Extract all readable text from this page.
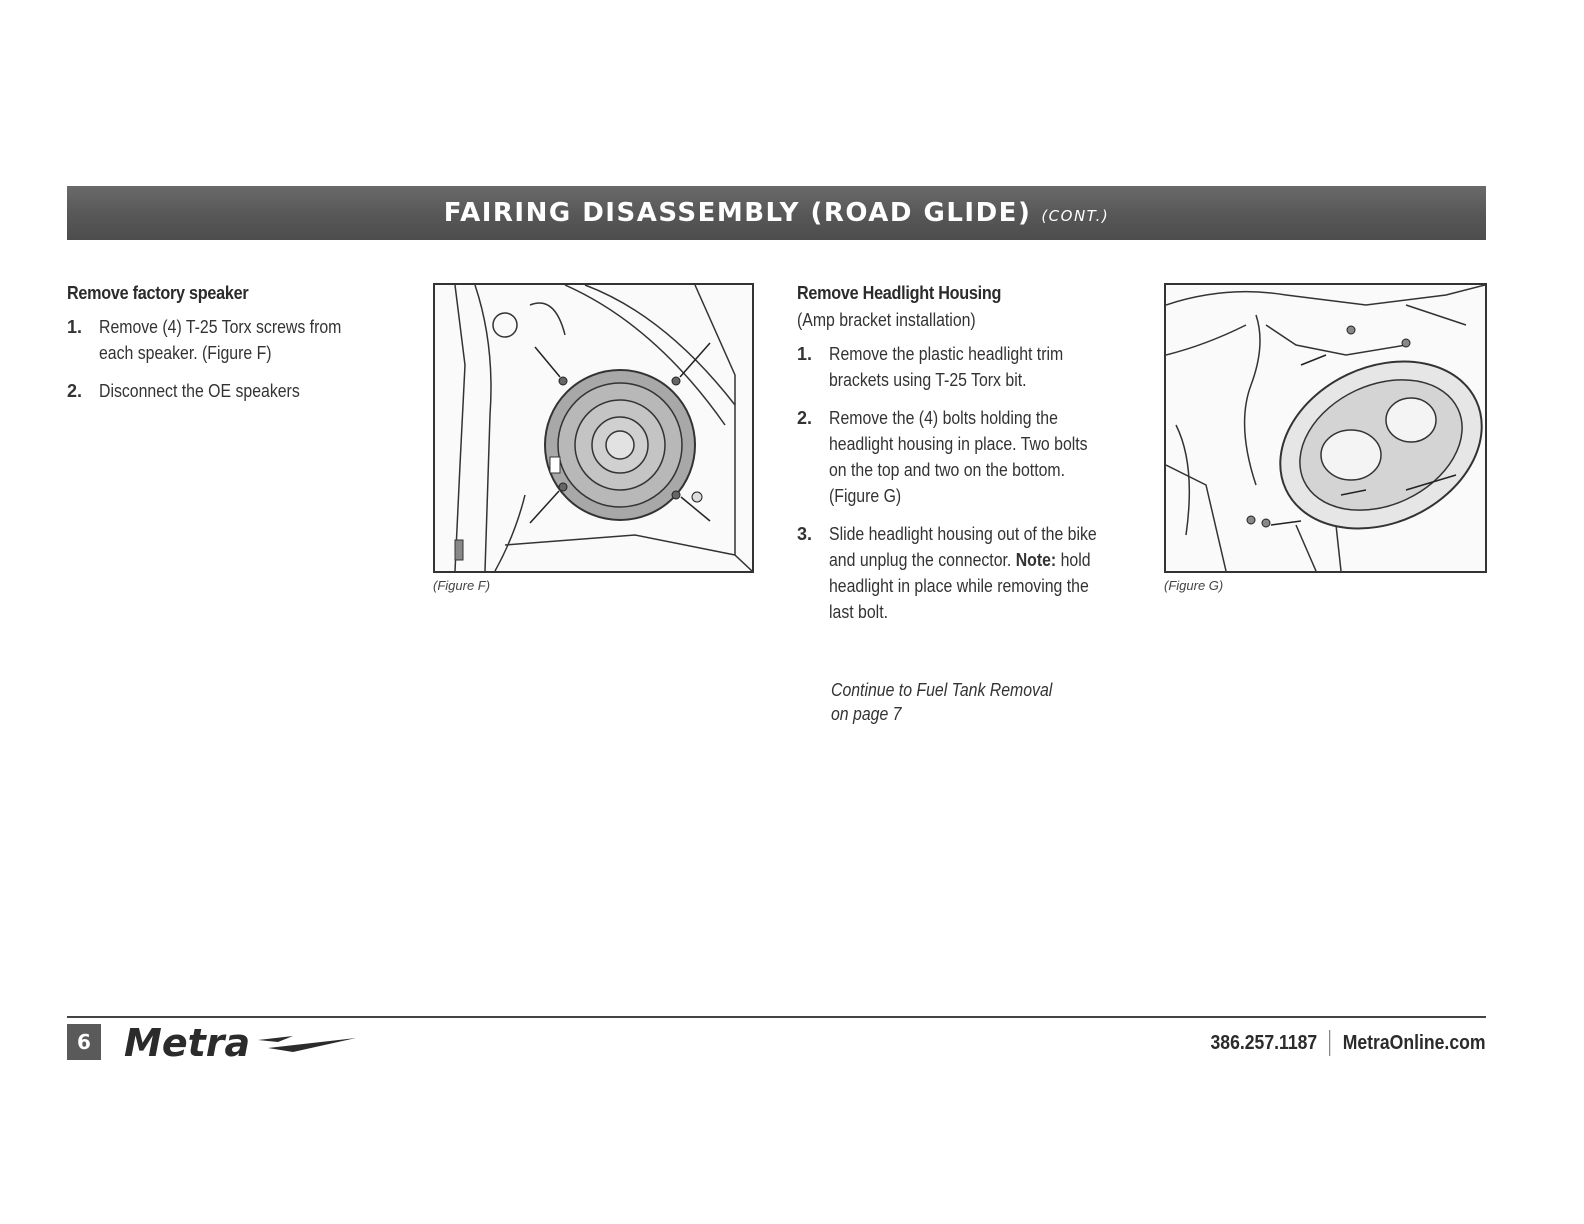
FAIRING DISASSEMBLY (ROAD GLIDE) (CONT.)
Remove factory speaker
1. Remove (4) T-25 Torx screws from each speaker. (Figure F)
2. Disconnect the OE speakers
(Figure F)
Remove Headlight Housing
(Amp bracket installation)
1. Remove the plastic headlight trim brackets using T-25 Torx bit.
2. Remove the (4) bolts holding the headlight housing in place. Two bolts on the top and two on the bottom. (Figure G)
3. Slide headlight housing out of the bike and unplug the connector. Note: hold headlight in place while removing the last bolt.
Continue to Fuel Tank Removal
on page 7
(Figure G)
6 Metra	386.257.1187 MetraOnline.com
